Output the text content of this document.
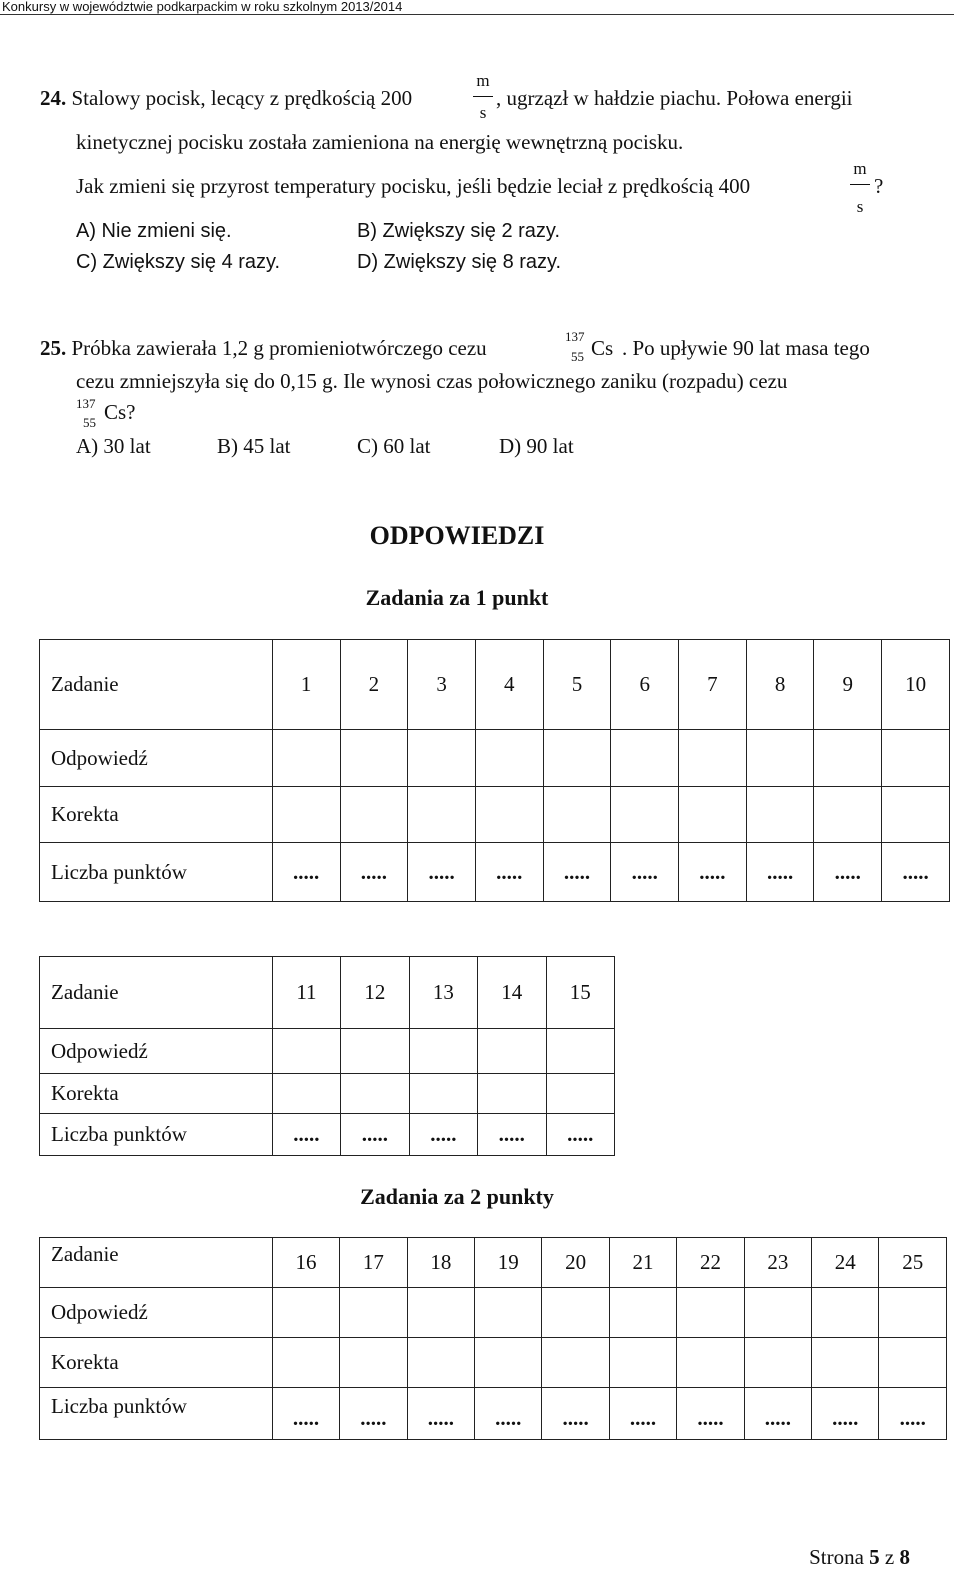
Konkursy w województwie podkarpackim w roku szkolnym 2013/2014
24. Stalowy pocisk, lecący z prędkością 200
m
s
, ugrzązł w hałdzie piachu. Połowa energii
kinetycznej pocisku została zamieniona na energię wewnętrzną pocisku.
Jak zmieni się przyrost temperatury pocisku, jeśli będzie leciał z prędkością 400
m
s
?
A) Nie zmieni się.	B) Zwiększy się 2 razy.
C) Zwiększy się 4 razy.	D) Zwiększy się 8 razy.
25. Próbka zawierała 1,2 g promieniotwórczego cezu	137
55 Cs . Po upływie 90 lat masa tego
cezu zmniejszyła się do 0,15 g. Ile wynosi czas połowicznego zaniku (rozpadu) cezu
137
55 Cs?
A) 30 lat	B) 45 lat	C) 60 lat	D) 90 lat
ODPOWIEDZI
Zadania za 1 punkt
Zadanie	1	2	3	4	5	6	7	8	9	10
Odpowiedź										
Korekta										
Liczba punktów	.....	.....	.....	.....	.....	.....	.....	.....	.....	.....
Zadanie	11	12	13	14	15
Odpowiedź					
Korekta					
Liczba punktów	.....	.....	.....	.....	.....
Zadania za 2 punkty
Zadanie	16	17	18	19	20	21	22	23	24	25
Odpowiedź										
Korekta										
Liczba punktów	.....	.....	.....	.....	.....	.....	.....	.....	.....	.....
Strona 5 z 8
